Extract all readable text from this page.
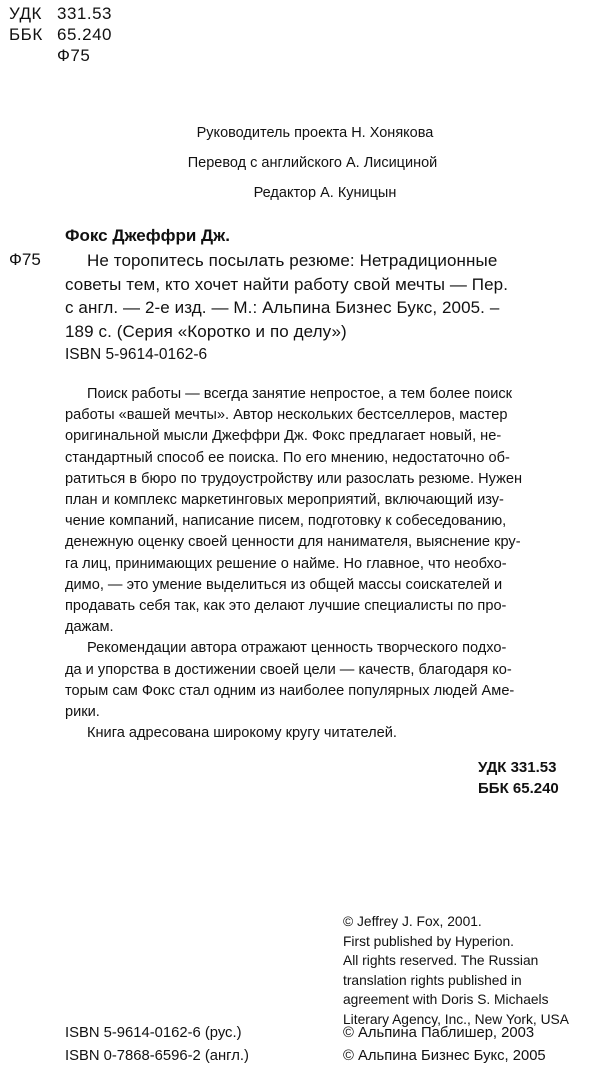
УДК 331.53
ББК 65.240
Ф75
Руководитель проекта Н. Хонякова
Перевод с английского А. Лисициной
Редактор А. Куницын
Фокс Джеффри Дж.
Ф75	Не торопитесь посылать резюме: Нетрадиционные
советы тем, кто хочет найти работу свой мечты — Пер.
с англ. — 2-е изд. — М.: Альпина Бизнес Букс, 2005. –
189 с. (Серия «Коротко и по делу»)
ISBN 5-9614-0162-6
Поиск работы — всегда занятие непростое, а тем более поиск
работы «вашей мечты». Автор нескольких бестселлеров, мастер
оригинальной мысли Джеффри Дж. Фокс предлагает новый, не-
стандартный способ ее поиска. По его мнению, недостаточно об-
ратиться в бюро по трудоустройству или разослать резюме. Нужен
план и комплекс маркетинговых мероприятий, включающий изу-
чение компаний, написание писем, подготовку к собеседованию,
денежную оценку своей ценности для нанимателя, выяснение кру-
га лиц, принимающих решение о найме. Но главное, что необхо-
димо, — это умение выделиться из общей массы соискателей и
продавать себя так, как это делают лучшие специалисты по про-
дажам.
Рекомендации автора отражают ценность творческого подхо-
да и упорства в достижении своей цели — качеств, благодаря ко-
торым сам Фокс стал одним из наиболее популярных людей Аме-
рики.
Книга адресована широкому кругу читателей.
УДК 331.53
ББК 65.240
© Jeffrey J. Fox, 2001.
First published by Hyperion.
All rights reserved. The Russian
translation rights published in
agreement with Doris S. Michaels
Literary Agency, Inc., New York, USA
ISBN 5-9614-0162-6 (рус.)
ISBN 0-7868-6596-2 (англ.)
© Альпина Паблишер, 2003
© Альпина Бизнес Букс, 2005
